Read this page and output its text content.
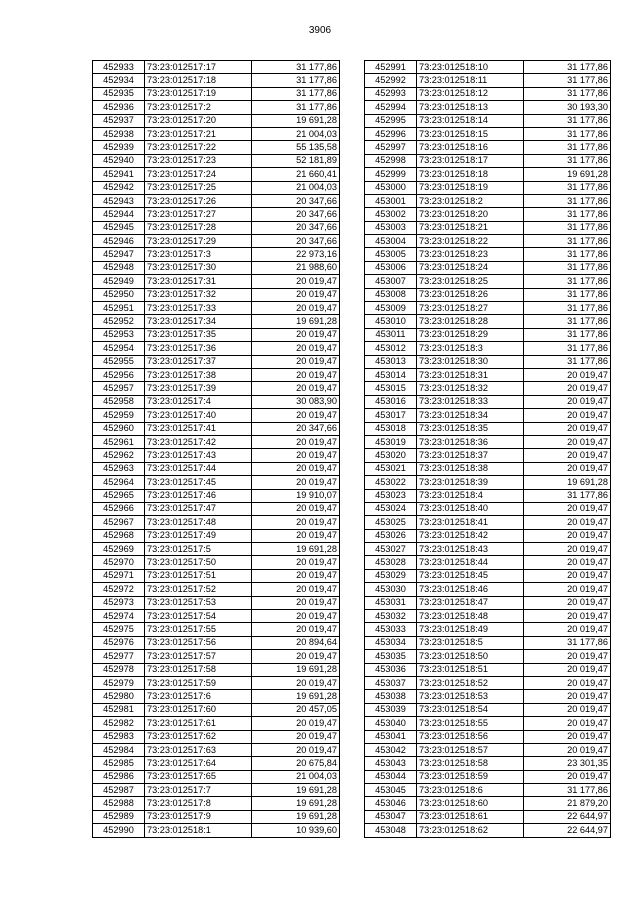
3906
452933	73:23:012517:17	31 177,86
452934	73:23:012517:18	31 177,86
452935	73:23:012517:19	31 177,86
452936	73:23:012517:2	31 177,86
452937	73:23:012517:20	19 691,28
452938	73:23:012517:21	21 004,03
452939	73:23:012517:22	55 135,58
452940	73:23:012517:23	52 181,89
452941	73:23:012517:24	21 660,41
452942	73:23:012517:25	21 004,03
452943	73:23:012517:26	20 347,66
452944	73:23:012517:27	20 347,66
452945	73:23:012517:28	20 347,66
452946	73:23:012517:29	20 347,66
452947	73:23:012517:3	22 973,16
452948	73:23:012517:30	21 988,60
452949	73:23:012517:31	20 019,47
452950	73:23:012517:32	20 019,47
452951	73:23:012517:33	20 019,47
452952	73:23:012517:34	19 691,28
452953	73:23:012517:35	20 019,47
452954	73:23:012517:36	20 019,47
452955	73:23:012517:37	20 019,47
452956	73:23:012517:38	20 019,47
452957	73:23:012517:39	20 019,47
452958	73:23:012517:4	30 083,90
452959	73:23:012517:40	20 019,47
452960	73:23:012517:41	20 347,66
452961	73:23:012517:42	20 019,47
452962	73:23:012517:43	20 019,47
452963	73:23:012517:44	20 019,47
452964	73:23:012517:45	20 019,47
452965	73:23:012517:46	19 910,07
452966	73:23:012517:47	20 019,47
452967	73:23:012517:48	20 019,47
452968	73:23:012517:49	20 019,47
452969	73:23:012517:5	19 691,28
452970	73:23:012517:50	20 019,47
452971	73:23:012517:51	20 019,47
452972	73:23:012517:52	20 019,47
452973	73:23:012517:53	20 019,47
452974	73:23:012517:54	20 019,47
452975	73:23:012517:55	20 019,47
452976	73:23:012517:56	20 894,64
452977	73:23:012517:57	20 019,47
452978	73:23:012517:58	19 691,28
452979	73:23:012517:59	20 019,47
452980	73:23:012517:6	19 691,28
452981	73:23:012517:60	20 457,05
452982	73:23:012517:61	20 019,47
452983	73:23:012517:62	20 019,47
452984	73:23:012517:63	20 019,47
452985	73:23:012517:64	20 675,84
452986	73:23:012517:65	21 004,03
452987	73:23:012517:7	19 691,28
452988	73:23:012517:8	19 691,28
452989	73:23:012517:9	19 691,28
452990	73:23:012518:1	10 939,60
452991	73:23:012518:10	31 177,86
452992	73:23:012518:11	31 177,86
452993	73:23:012518:12	31 177,86
452994	73:23:012518:13	30 193,30
452995	73:23:012518:14	31 177,86
452996	73:23:012518:15	31 177,86
452997	73:23:012518:16	31 177,86
452998	73:23:012518:17	31 177,86
452999	73:23:012518:18	19 691,28
453000	73:23:012518:19	31 177,86
453001	73:23:012518:2	31 177,86
453002	73:23:012518:20	31 177,86
453003	73:23:012518:21	31 177,86
453004	73:23:012518:22	31 177,86
453005	73:23:012518:23	31 177,86
453006	73:23:012518:24	31 177,86
453007	73:23:012518:25	31 177,86
453008	73:23:012518:26	31 177,86
453009	73:23:012518:27	31 177,86
453010	73:23:012518:28	31 177,86
453011	73:23:012518:29	31 177,86
453012	73:23:012518:3	31 177,86
453013	73:23:012518:30	31 177,86
453014	73:23:012518:31	20 019,47
453015	73:23:012518:32	20 019,47
453016	73:23:012518:33	20 019,47
453017	73:23:012518:34	20 019,47
453018	73:23:012518:35	20 019,47
453019	73:23:012518:36	20 019,47
453020	73:23:012518:37	20 019,47
453021	73:23:012518:38	20 019,47
453022	73:23:012518:39	19 691,28
453023	73:23:012518:4	31 177,86
453024	73:23:012518:40	20 019,47
453025	73:23:012518:41	20 019,47
453026	73:23:012518:42	20 019,47
453027	73:23:012518:43	20 019,47
453028	73:23:012518:44	20 019,47
453029	73:23:012518:45	20 019,47
453030	73:23:012518:46	20 019,47
453031	73:23:012518:47	20 019,47
453032	73:23:012518:48	20 019,47
453033	73:23:012518:49	20 019,47
453034	73:23:012518:5	31 177,86
453035	73:23:012518:50	20 019,47
453036	73:23:012518:51	20 019,47
453037	73:23:012518:52	20 019,47
453038	73:23:012518:53	20 019,47
453039	73:23:012518:54	20 019,47
453040	73:23:012518:55	20 019,47
453041	73:23:012518:56	20 019,47
453042	73:23:012518:57	20 019,47
453043	73:23:012518:58	23 301,35
453044	73:23:012518:59	20 019,47
453045	73:23:012518:6	31 177,86
453046	73:23:012518:60	21 879,20
453047	73:23:012518:61	22 644,97
453048	73:23:012518:62	22 644,97
